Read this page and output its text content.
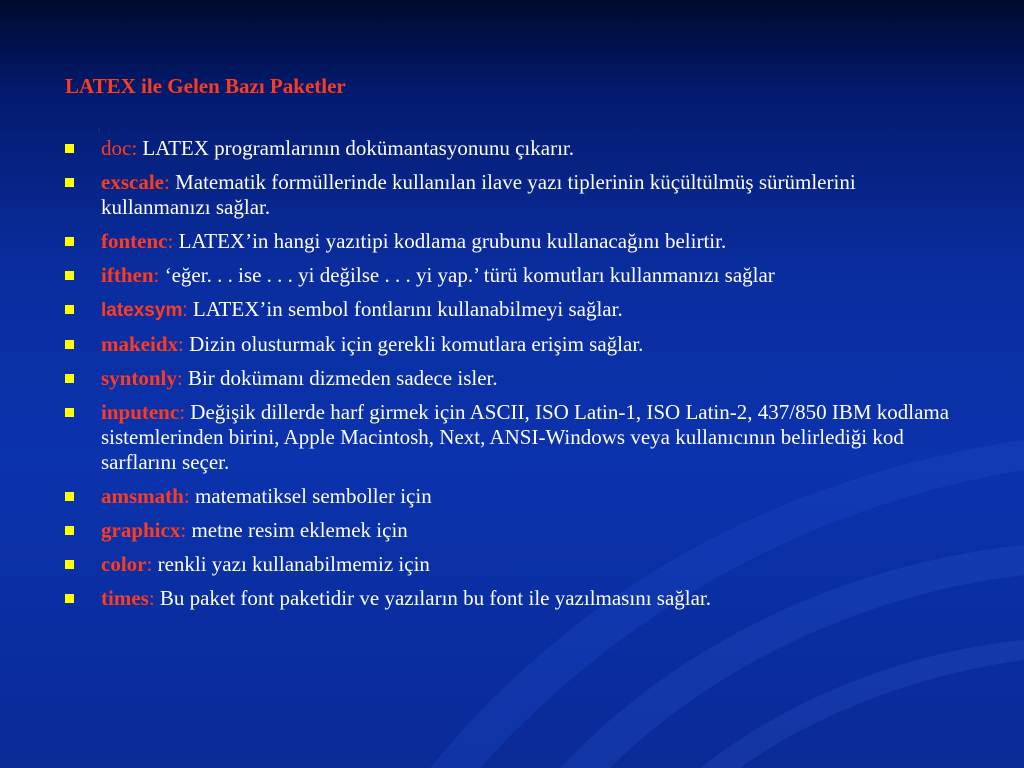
LATEX ile Gelen Bazı Paketler
doc: LATEX programlarının dokümantasyonunu çıkarır.
exscale: Matematik formüllerinde kullanılan ilave yazı tiplerinin küçültülmüş sürümlerini kullanmanızı sağlar.
fontenc: LATEX’in hangi yazıtipi kodlama grubunu kullanacağını belirtir.
ifthen: ‘eğer. . . ise . . . yi değilse . . . yi yap.’ türü komutları kullanmanızı sağlar
latexsym: LATEX’in sembol fontlarını kullanabilmeyi sağlar.
makeidx: Dizin olusturmak için gerekli komutlara erişim sağlar.
syntonly: Bir dokümanı dizmeden sadece isler.
inputenc: Değişik dillerde harf girmek için ASCII, ISO Latin-1, ISO Latin-2, 437/850 IBM kodlama sistemlerinden birini, Apple Macintosh, Next, ANSI-Windows veya kullanıcının belirlediği kod sarflarını seçer.
amsmath: matematiksel semboller için
graphicx: metne resim eklemek için
color: renkli yazı kullanabilmemiz için
times: Bu paket font paketidir ve yazıların bu font ile yazılmasını sağlar.
